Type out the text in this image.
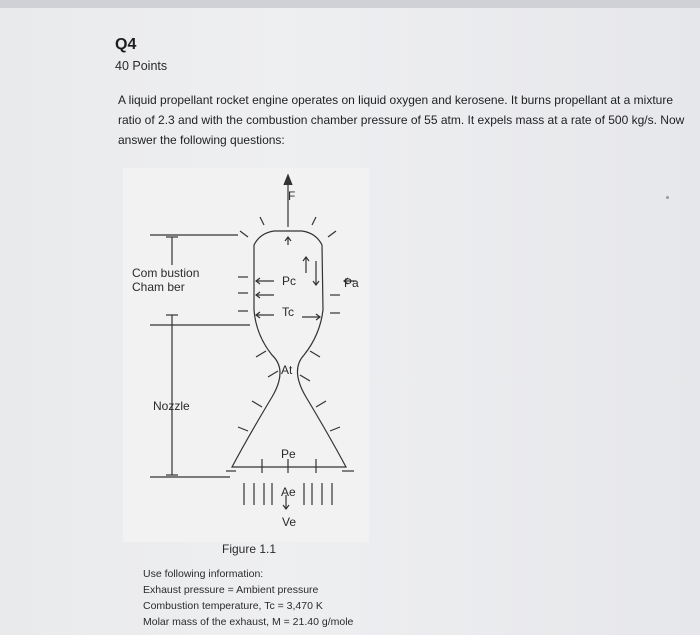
Q4
40 Points
A liquid propellant rocket engine operates on liquid oxygen and kerosene. It burns propellant at a mixture ratio of 2.3 and with the combustion chamber pressure of 55 atm. It expels mass at a rate of 500 kg/s. Now answer the following questions:
F
Com bustion
Cham ber	Pc
Tc
Pa
At
Nozzle
Pe
Ae
Ve
Figure 1.1
Use following information:
Exhaust pressure = Ambient pressure
Combustion temperature, Tc = 3,470 K
Molar mass of the exhaust, M = 21.40 g/mole
